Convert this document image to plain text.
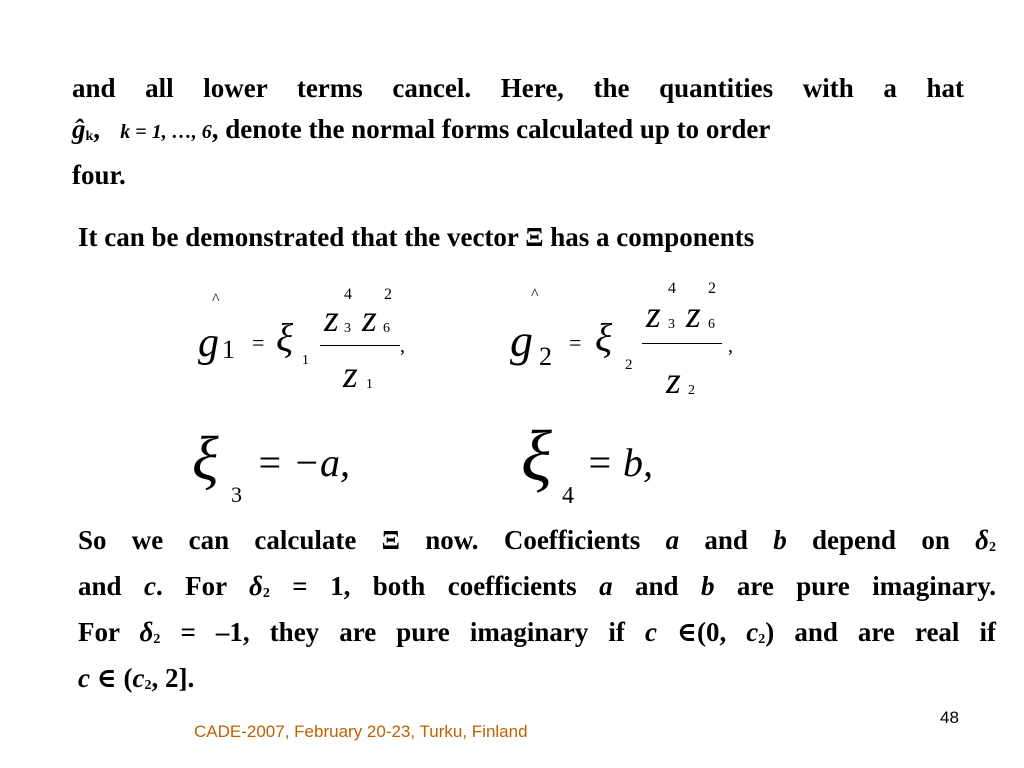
and all lower terms cancel. Here, the quantities with a hat
ĝk, k = 1, …, 6, denote the normal forms calculated up to order
four.
It can be demonstrated that the vector Ξ has a components
^
g 1 = ξ
1
4 2
z 3 z 6
z 1
,
^
g 2 = ξ
2
4 2
z 3 z 6
z 2
,
ξ
3
= −a, ξ 4
= b,
So we can calculate Ξ now. Coefficients a and b depend on δ2
and c. For δ2 = 1, both coefficients a and b are pure imaginary.
For δ2 = –1, they are pure imaginary if c ∈(0, c2) and are real if
c ∈ (c2, 2].
48
CADE-2007, February 20-23, Turku, Finland
